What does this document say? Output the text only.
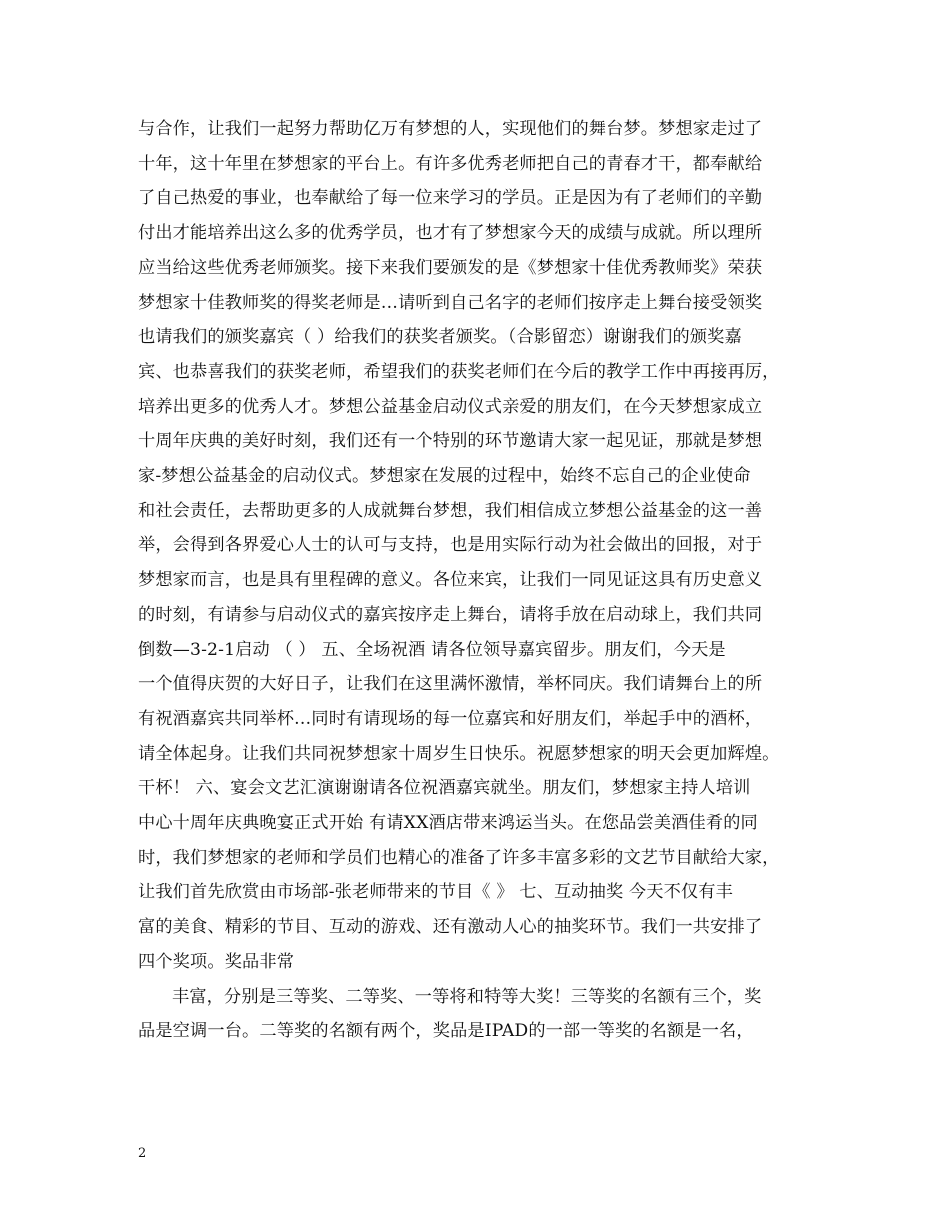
与合作，让我们一起努力帮助亿万有梦想的人，实现他们的舞台梦。梦想家走过了
十年，这十年里在梦想家的平台上。有许多优秀老师把自己的青春才干，都奉献给
了自己热爱的事业，也奉献给了每一位来学习的学员。正是因为有了老师们的辛勤
付出才能培养出这么多的优秀学员，也才有了梦想家今天的成绩与成就。所以理所
应当给这些优秀老师颁奖。接下来我们要颁发的是《梦想家十佳优秀教师奖》荣获
梦想家十佳教师奖的得奖老师是…请听到自己名字的老师们按序走上舞台接受领奖
也请我们的颁奖嘉宾（ ）给我们的获奖者颁奖。（合影留恋）谢谢我们的颁奖嘉
宾、也恭喜我们的获奖老师，希望我们的获奖老师们在今后的教学工作中再接再厉，
培养出更多的优秀人才。梦想公益基金启动仪式亲爱的朋友们，在今天梦想家成立
十周年庆典的美好时刻，我们还有一个特别的环节邀请大家一起见证，那就是梦想
家-梦想公益基金的启动仪式。梦想家在发展的过程中，始终不忘自己的企业使命
和社会责任，去帮助更多的人成就舞台梦想，我们相信成立梦想公益基金的这一善
举，会得到各界爱心人士的认可与支持，也是用实际行动为社会做出的回报，对于
梦想家而言，也是具有里程碑的意义。各位来宾，让我们一同见证这具有历史意义
的时刻，有请参与启动仪式的嘉宾按序走上舞台，请将手放在启动球上，我们共同
倒数—3-2-1启动 （ ） 五、全场祝酒 请各位领导嘉宾留步。朋友们，今天是
一个值得庆贺的大好日子，让我们在这里满怀激情，举杯同庆。我们请舞台上的所
有祝酒嘉宾共同举杯…同时有请现场的每一位嘉宾和好朋友们，举起手中的酒杯，
请全体起身。让我们共同祝梦想家十周岁生日快乐。祝愿梦想家的明天会更加辉煌。
干杯！ 六、宴会文艺汇演谢谢请各位祝酒嘉宾就坐。朋友们，梦想家主持人培训
中心十周年庆典晚宴正式开始 有请XX酒店带来鸿运当头。在您品尝美酒佳肴的同
时，我们梦想家的老师和学员们也精心的准备了许多丰富多彩的文艺节目献给大家，
让我们首先欣赏由市场部-张老师带来的节目《 》 七、互动抽奖 今天不仅有丰
富的美食、精彩的节目、互动的游戏、还有激动人心的抽奖环节。我们一共安排了
四个奖项。奖品非常

丰富，分别是三等奖、二等奖、一等将和特等大奖！三等奖的名额有三个，奖
品是空调一台。二等奖的名额有两个，奖品是IPAD的一部一等奖的名额是一名，

2
